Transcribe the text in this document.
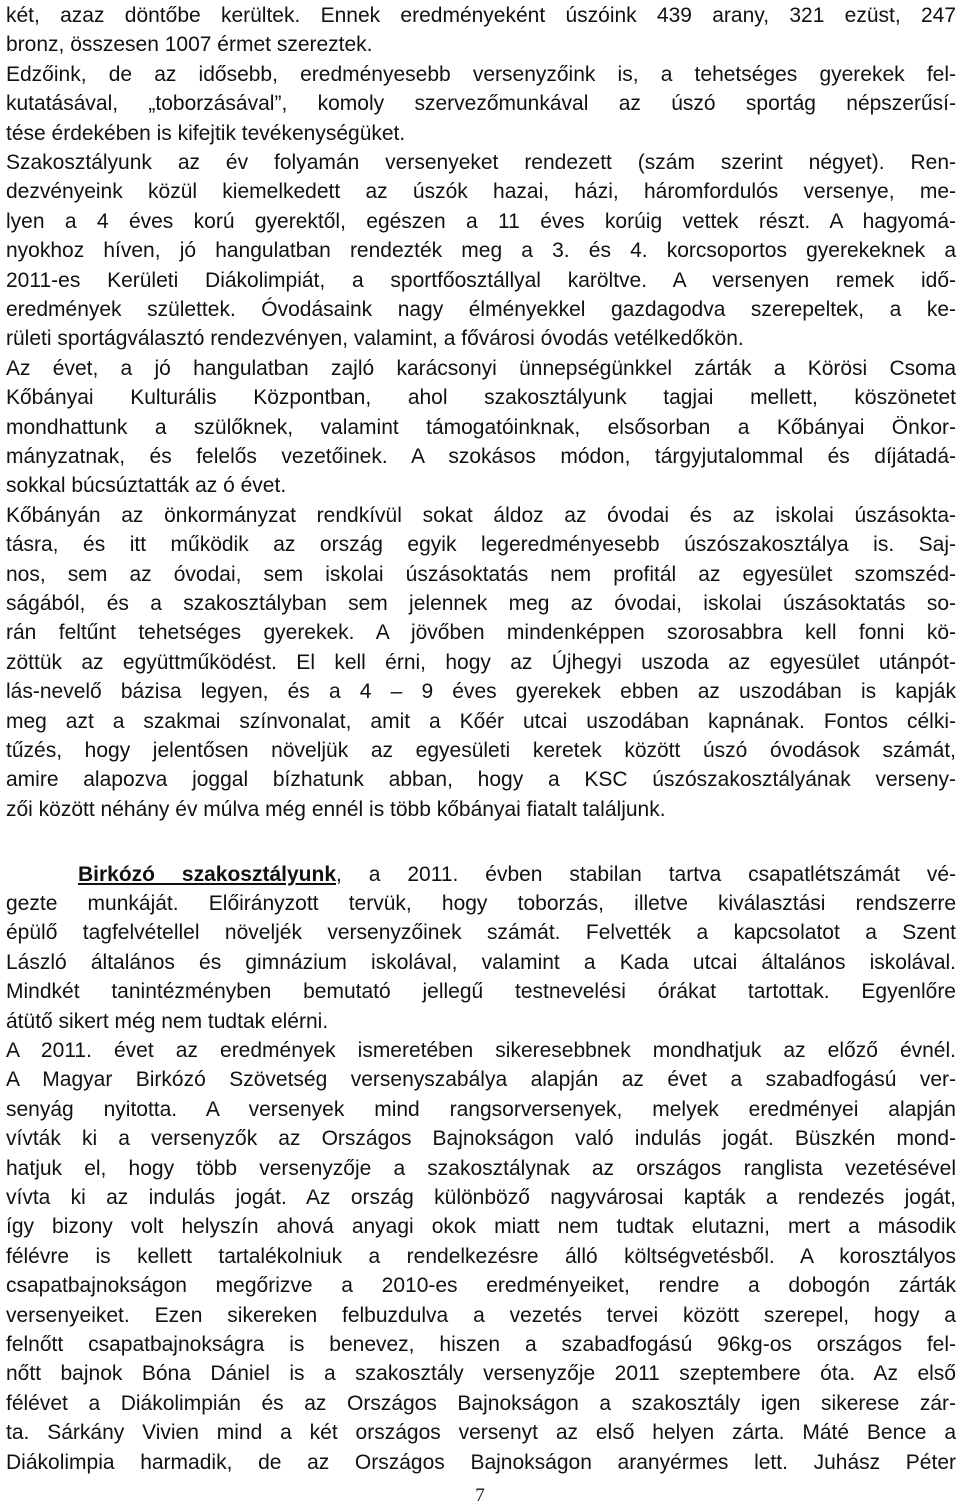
két, azaz döntőbe kerültek. Ennek eredményeként úszóink 439 arany, 321 ezüst, 247
bronz, összesen 1007 érmet szereztek.
Edzőink, de az idősebb, eredményesebb versenyzőink is, a tehetséges gyerekek fel-
kutatásával, „toborzásával”, komoly szervezőmunkával az úszó sportág népszerűsí-
tése érdekében is kifejtik tevékenységüket.
Szakosztályunk az év folyamán versenyeket rendezett (szám szerint négyet). Ren-
dezvényeink közül kiemelkedett az úszók hazai, házi, háromfordulós versenye, me-
lyen a 4 éves korú gyerektől, egészen a 11 éves korúig vettek részt. A hagyomá-
nyokhoz híven, jó hangulatban rendezték meg a 3. és 4. korcsoportos gyerekeknek a
2011-es Kerületi Diákolimpiát, a sportfőosztállyal karöltve. A versenyen remek idő-
eredmények születtek. Óvodásaink nagy élményekkel gazdagodva szerepeltek, a ke-
rületi sportágválasztó rendezvényen, valamint, a fővárosi óvodás vetélkedőkön.
Az évet, a jó hangulatban zajló karácsonyi ünnepségünkkel zárták a Körösi Csoma
Kőbányai Kulturális Központban, ahol szakosztályunk tagjai mellett, köszönetet
mondhattunk a szülőknek, valamint támogatóinknak, elsősorban a Kőbányai Önkor-
mányzatnak, és felelős vezetőinek. A szokásos módon, tárgyjutalommal és díjátadá-
sokkal búcsúztatták az ó évet.
Kőbányán az önkormányzat rendkívül sokat áldoz az óvodai és az iskolai úszásokta-
tásra, és itt működik az ország egyik legeredményesebb úszószakosztálya is. Saj-
nos, sem az óvodai, sem iskolai úszásoktatás nem profitál az egyesület szomszéd-
ságából, és a szakosztályban sem jelennek meg az óvodai, iskolai úszásoktatás so-
rán feltűnt tehetséges gyerekek. A jövőben mindenképpen szorosabbra kell fonni kö-
zöttük az együttműködést. El kell érni, hogy az Újhegyi uszoda az egyesület utánpót-
lás-nevelő bázisa legyen, és a 4 – 9 éves gyerekek ebben az uszodában is kapják
meg azt a szakmai színvonalat, amit a Kőér utcai uszodában kapnának. Fontos célki-
tűzés, hogy jelentősen növeljük az egyesületi keretek között úszó óvodások számát,
amire alapozva joggal bízhatunk abban, hogy a KSC úszószakosztályának verseny-
zői között néhány év múlva még ennél is több kőbányai fiatalt találjunk.
Birkózó szakosztályunk, a 2011. évben stabilan tartva csapatlétszámát vé-
gezte munkáját. Előirányzott tervük, hogy toborzás, illetve kiválasztási rendszerre
épülő tagfelvétellel növeljék versenyzőinek számát. Felvették a kapcsolatot a Szent
László általános és gimnázium iskolával, valamint a Kada utcai általános iskolával.
Mindkét tanintézményben bemutató jellegű testnevelési órákat tartottak. Egyenlőre
átütő sikert még nem tudtak elérni.
A 2011. évet az eredmények ismeretében sikeresebbnek mondhatjuk az előző évnél.
A Magyar Birkózó Szövetség versenyszabálya alapján az évet a szabadfogású ver-
senyág nyitotta. A versenyek mind rangsorversenyek, melyek eredményei alapján
vívták ki a versenyzők az Országos Bajnokságon való indulás jogát. Büszkén mond-
hatjuk el, hogy több versenyzője a szakosztálynak az országos ranglista vezetésével
vívta ki az indulás jogát. Az ország különböző nagyvárosai kapták a rendezés jogát,
így bizony volt helyszín ahová anyagi okok miatt nem tudtak elutazni, mert a második
félévre is kellett tartalékolniuk a rendelkezésre álló költségvetésből. A korosztályos
csapatbajnokságon megőrizve a 2010-es eredményeiket, rendre a dobogón zárták
versenyeiket. Ezen sikereken felbuzdulva a vezetés tervei között szerepel, hogy a
felnőtt csapatbajnokságra is benevez, hiszen a szabadfogású 96kg-os országos fel-
nőtt bajnok Bóna Dániel is a szakosztály versenyzője 2011 szeptembere óta. Az első
félévet a Diákolimpián és az Országos Bajnokságon a szakosztály igen sikerese zár-
ta. Sárkány Vivien mind a két országos versenyt az első helyen zárta. Máté Bence a
Diákolimpia harmadik, de az Országos Bajnokságon aranyérmes lett. Juhász Péter
7
